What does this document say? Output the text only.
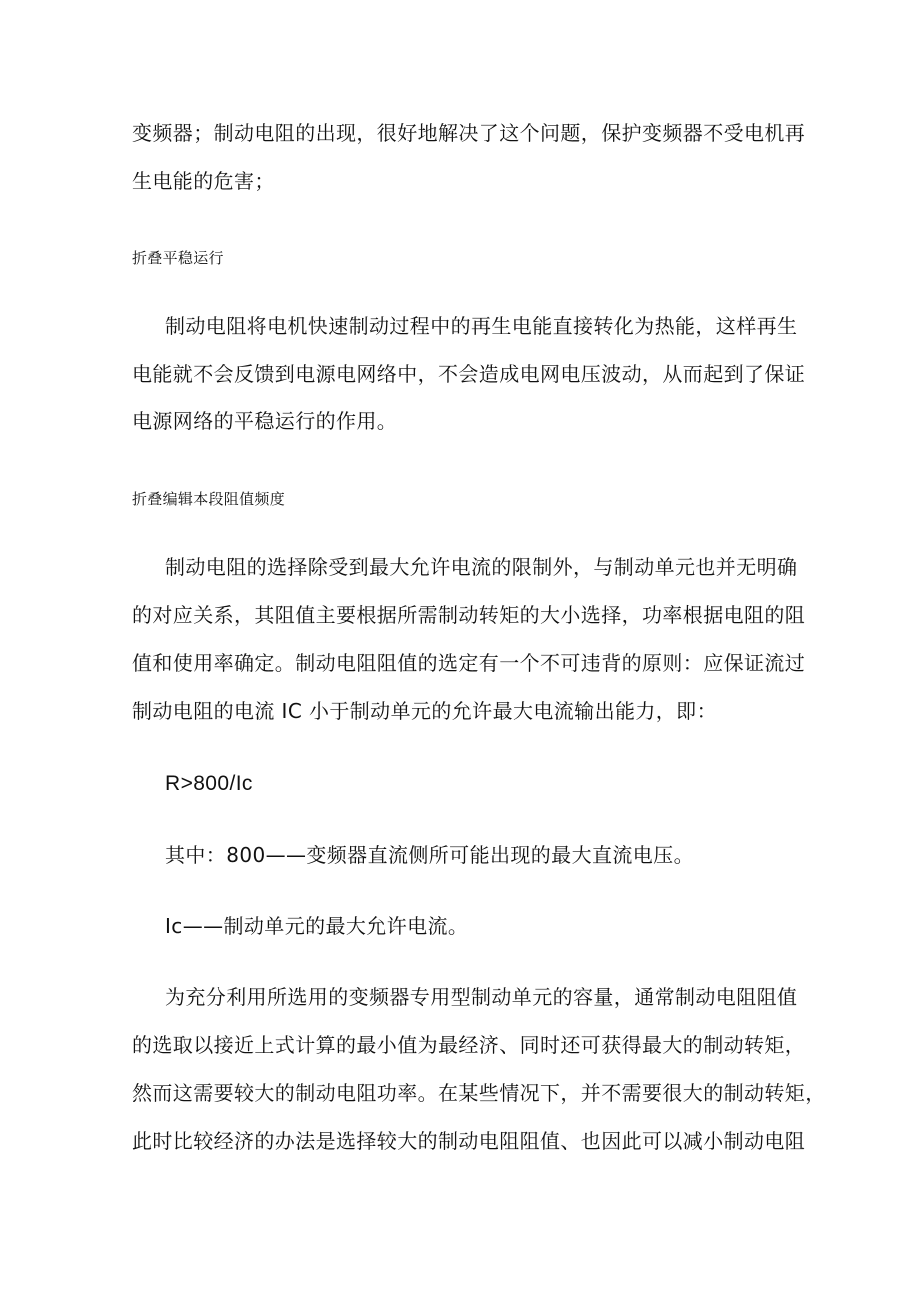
变频器；制动电阻的出现，很好地解决了这个问题，保护变频器不受电机再
生电能的危害；
折叠平稳运行
制动电阻将电机快速制动过程中的再生电能直接转化为热能，这样再生
电能就不会反馈到电源电网络中，不会造成电网电压波动，从而起到了保证
电源网络的平稳运行的作用。
折叠编辑本段阻值频度
制动电阻的选择除受到最大允许电流的限制外，与制动单元也并无明确
的对应关系，其阻值主要根据所需制动转矩的大小选择，功率根据电阻的阻
值和使用率确定。制动电阻阻值的选定有一个不可违背的原则：应保证流过
制动电阻的电流 IC 小于制动单元的允许最大电流输出能力，即：
R>800/Ic
其中：800——变频器直流侧所可能出现的最大直流电压。
Ic——制动单元的最大允许电流。
为充分利用所选用的变频器专用型制动单元的容量，通常制动电阻阻值
的选取以接近上式计算的最小值为最经济、同时还可获得最大的制动转矩，
然而这需要较大的制动电阻功率。在某些情况下，并不需要很大的制动转矩，
此时比较经济的办法是选择较大的制动电阻阻值、也因此可以减小制动电阻
